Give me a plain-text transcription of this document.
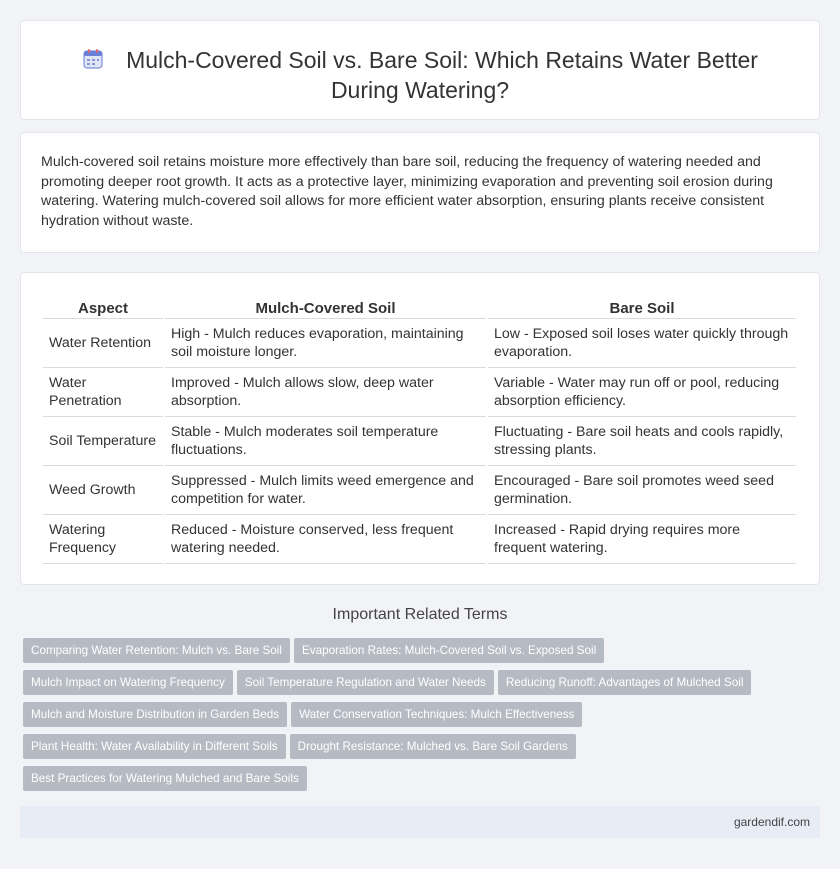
Mulch-Covered Soil vs. Bare Soil: Which Retains Water Better
During Watering?

Mulch-covered soil retains moisture more effectively than bare soil, reducing the frequency of watering needed and promoting deeper root growth. It acts as a protective layer, minimizing evaporation and preventing soil erosion during watering. Watering mulch-covered soil allows for more efficient water absorption, ensuring plants receive consistent hydration without waste.

Aspect	Mulch-Covered Soil	Bare Soil
Water Retention	High - Mulch reduces evaporation, maintaining soil moisture longer.	Low - Exposed soil loses water quickly through evaporation.
Water Penetration	Improved - Mulch allows slow, deep water absorption.	Variable - Water may run off or pool, reducing absorption efficiency.
Soil Temperature	Stable - Mulch moderates soil temperature fluctuations.	Fluctuating - Bare soil heats and cools rapidly, stressing plants.
Weed Growth	Suppressed - Mulch limits weed emergence and competition for water.	Encouraged - Bare soil promotes weed seed germination.
Watering Frequency	Reduced - Moisture conserved, less frequent watering needed.	Increased - Rapid drying requires more frequent watering.
Important Related Terms
Comparing Water Retention: Mulch vs. Bare Soil Evaporation Rates: Mulch-Covered Soil vs. Exposed Soil
Mulch Impact on Watering Frequency Soil Temperature Regulation and Water Needs Reducing Runoff: Advantages of Mulched Soil
Mulch and Moisture Distribution in Garden Beds Water Conservation Techniques: Mulch Effectiveness
Plant Health: Water Availability in Different Soils Drought Resistance: Mulched vs. Bare Soil Gardens
Best Practices for Watering Mulched and Bare Soils
gardendif.com
